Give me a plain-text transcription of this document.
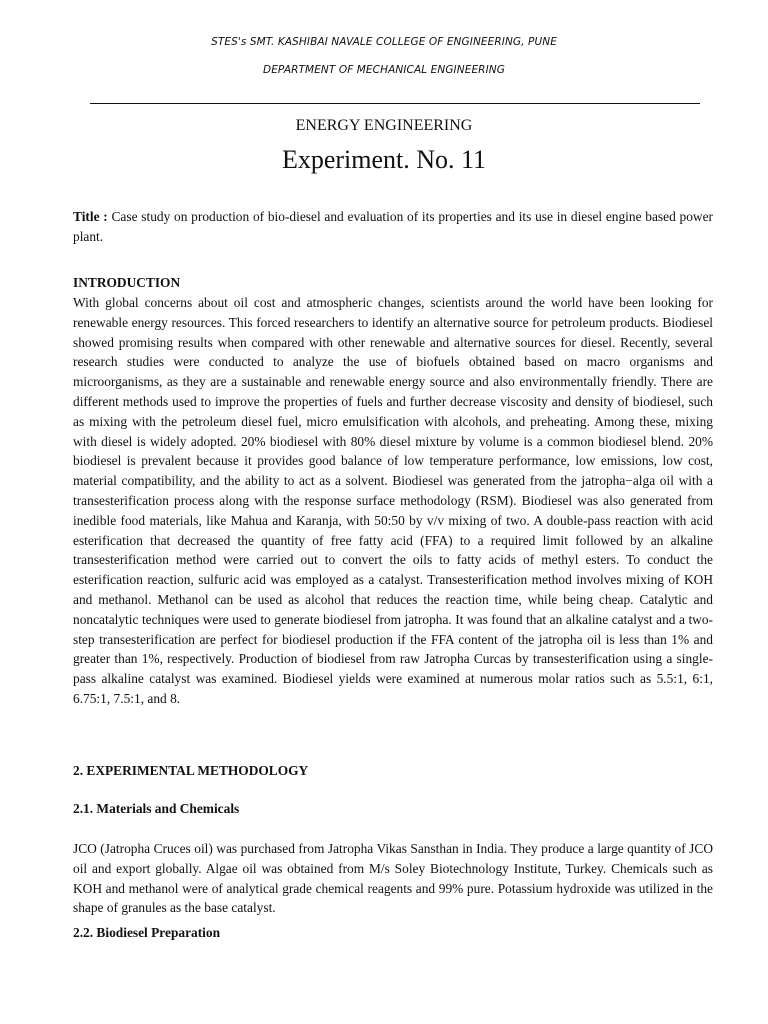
STES's SMT. KASHIBAI NAVALE COLLEGE OF ENGINEERING, PUNE
DEPARTMENT OF MECHANICAL ENGINEERING
ENERGY ENGINEERING
Experiment. No. 11
Title : Case study on production of bio-diesel and evaluation of its properties and its use in diesel engine based power plant.
INTRODUCTION
With global concerns about oil cost and atmospheric changes, scientists around the world have been looking for renewable energy resources. This forced researchers to identify an alternative source for petroleum products. Biodiesel showed promising results when compared with other renewable and alternative sources for diesel. Recently, several research studies were conducted to analyze the use of biofuels obtained based on macro organisms and microorganisms, as they are a sustainable and renewable energy source and also environmentally friendly. There are different methods used to improve the properties of fuels and further decrease viscosity and density of biodiesel, such as mixing with the petroleum diesel fuel, micro emulsification with alcohols, and preheating. Among these, mixing with diesel is widely adopted. 20% biodiesel with 80% diesel mixture by volume is a common biodiesel blend. 20% biodiesel is prevalent because it provides good balance of low temperature performance, low emissions, low cost, material compatibility, and the ability to act as a solvent. Biodiesel was generated from the jatropha−alga oil with a transesterification process along with the response surface methodology (RSM). Biodiesel was also generated from inedible food materials, like Mahua and Karanja, with 50:50 by v/v mixing of two. A double-pass reaction with acid esterification that decreased the quantity of free fatty acid (FFA) to a required limit followed by an alkaline transesterification method were carried out to convert the oils to fatty acids of methyl esters. To conduct the esterification reaction, sulfuric acid was employed as a catalyst. Transesterification method involves mixing of KOH and methanol. Methanol can be used as alcohol that reduces the reaction time, while being cheap. Catalytic and noncatalytic techniques were used to generate biodiesel from jatropha. It was found that an alkaline catalyst and a two-step transesterification are perfect for biodiesel production if the FFA content of the jatropha oil is less than 1% and greater than 1%, respectively. Production of biodiesel from raw Jatropha Curcas by transesterification using a single-pass alkaline catalyst was examined. Biodiesel yields were examined at numerous molar ratios such as 5.5:1, 6:1, 6.75:1, 7.5:1, and 8.
2. EXPERIMENTAL METHODOLOGY
2.1. Materials and Chemicals
JCO (Jatropha Cruces oil) was purchased from Jatropha Vikas Sansthan in India. They produce a large quantity of JCO oil and export globally. Algae oil was obtained from M/s Soley Biotechnology Institute, Turkey. Chemicals such as KOH and methanol were of analytical grade chemical reagents and 99% pure. Potassium hydroxide was utilized in the shape of granules as the base catalyst.
2.2. Biodiesel Preparation
